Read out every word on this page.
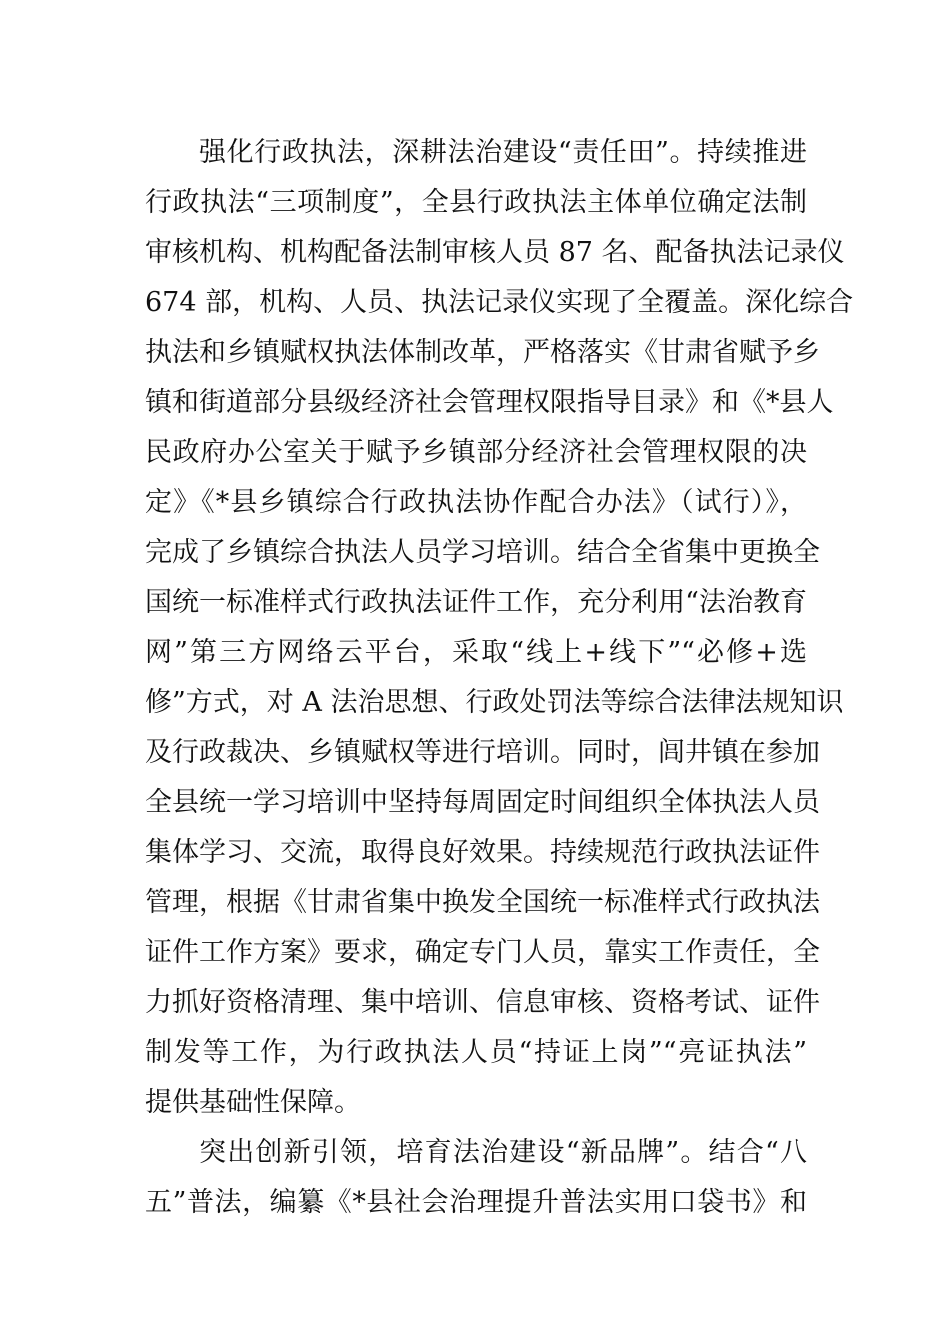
强化行政执法，深耕法治建设“责任田”。持续推进
行政执法“三项制度”，全县行政执法主体单位确定法制
审核机构、机构配备法制审核人员 87 名、配备执法记录仪
674 部，机构、人员、执法记录仪实现了全覆盖。深化综合
执法和乡镇赋权执法体制改革，严格落实《甘肃省赋予乡
镇和街道部分县级经济社会管理权限指导目录》和《*县人
民政府办公室关于赋予乡镇部分经济社会管理权限的决
定》《*县乡镇综合行政执法协作配合办法》（试行）》，
完成了乡镇综合执法人员学习培训。结合全省集中更换全
国统一标准样式行政执法证件工作，充分利用“法治教育
网”第三方网络云平台，采取“线上+线下”“必修+选
修”方式，对 A 法治思想、行政处罚法等综合法律法规知识
及行政裁决、乡镇赋权等进行培训。同时，闾井镇在参加
全县统一学习培训中坚持每周固定时间组织全体执法人员
集体学习、交流，取得良好效果。持续规范行政执法证件
管理，根据《甘肃省集中换发全国统一标准样式行政执法
证件工作方案》要求，确定专门人员，靠实工作责任，全
力抓好资格清理、集中培训、信息审核、资格考试、证件
制发等工作，为行政执法人员“持证上岗”“亮证执法”
提供基础性保障。
突出创新引领，培育法治建设“新品牌”。结合“八
五”普法，编纂《*县社会治理提升普法实用口袋书》和
